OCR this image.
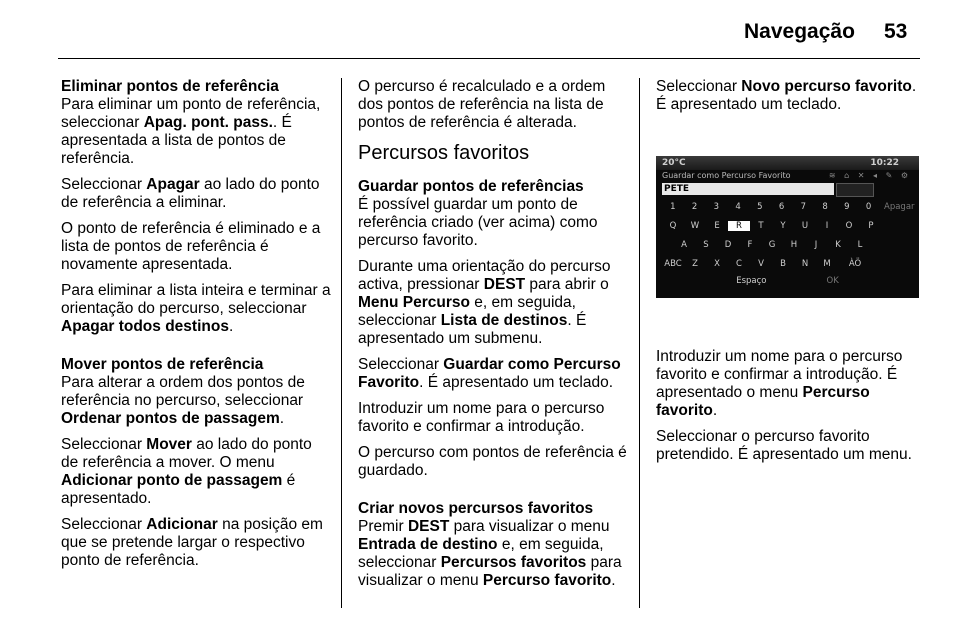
Navegação 53
Eliminar pontos de referência

Para eliminar um ponto de referência, seleccionar Apag. pont. pass.. É apresentada a lista de pontos de referência.

Seleccionar Apagar ao lado do ponto de referência a eliminar.

O ponto de referência é eliminado e a lista de pontos de referência é novamente apresentada.

Para eliminar a lista inteira e terminar a orientação do percurso, seleccionar Apagar todos destinos.

Mover pontos de referência

Para alterar a ordem dos pontos de referência no percurso, seleccionar Ordenar pontos de passagem.

Seleccionar Mover ao lado do ponto de referência a mover. O menu Adicionar ponto de passagem é apresentado.

Seleccionar Adicionar na posição em que se pretende largar o respectivo ponto de referência.

O percurso é recalculado e a ordem dos pontos de referência na lista de pontos de referência é alterada.

Percursos favoritos
Guardar pontos de referências

É possível guardar um ponto de referência criado (ver acima) como percurso favorito.

Durante uma orientação do percurso activa, pressionar DEST para abrir o Menu Percurso e, em seguida, seleccionar Lista de destinos. É apresentado um submenu.

Seleccionar Guardar como Percurso Favorito. É apresentado um teclado.

Introduzir um nome para o percurso favorito e confirmar a introdução.

O percurso com pontos de referência é guardado.

Criar novos percursos favoritos

Premir DEST para visualizar o menu Entrada de destino e, em seguida, seleccionar Percursos favoritos para visualizar o menu Percurso favorito.

Seleccionar Novo percurso favorito. É apresentado um teclado.

Introduzir um nome para o percurso favorito e confirmar a introdução. É apresentado o menu Percurso favorito.

Seleccionar o percurso favorito pretendido. É apresentado um menu.

20°C	10:22
Guardar como Percurso Favorito	≋ ⌂ ✕ ◂ ✎ ⚙
PETE
1	2	3	4	5	6	7	8	9	0	Apagar
Q	W	E	R	T	Y	U	I	O	P
A	S	D	F	G	H	J	K	L
ABC	Z	X	C	V	B	N	M	ÀÖ
Espaço	OK
